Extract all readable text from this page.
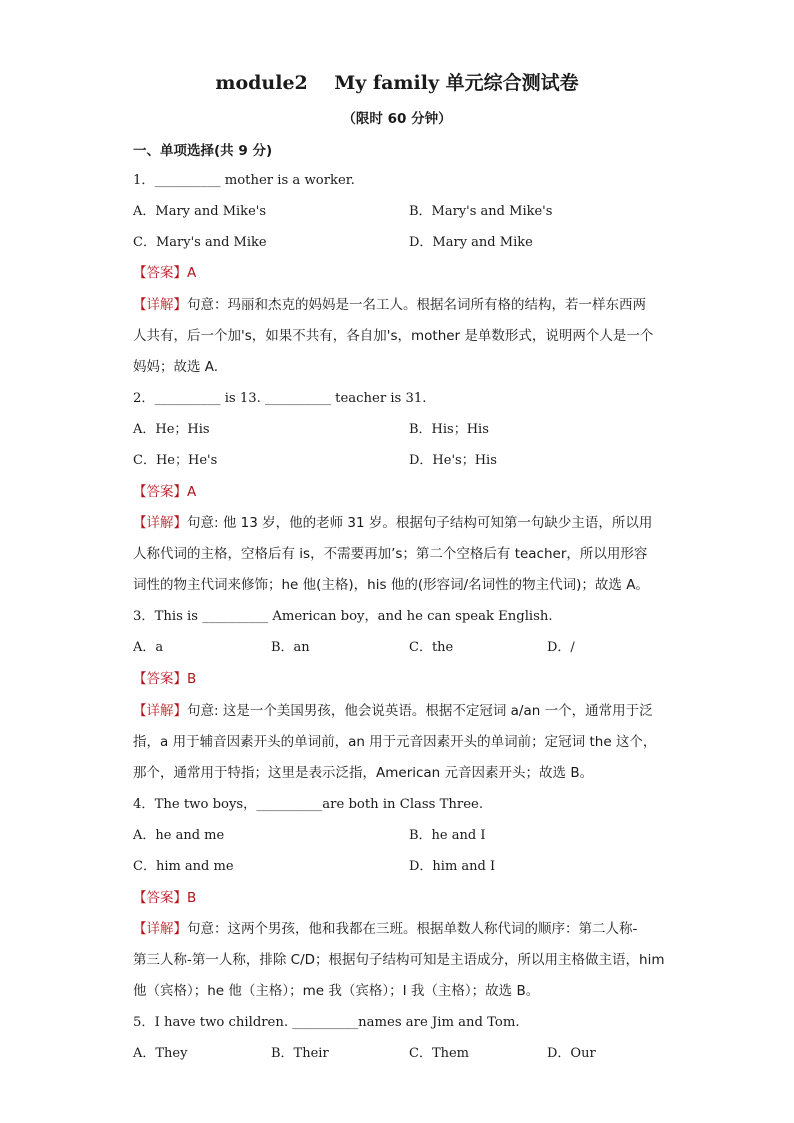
module2    My family 单元综合测试卷
（限时 60 分钟）
一、单项选择(共 9 分)
1．__________ mother is a worker.
A．Mary and Mike's	B．Mary's and Mike's
C．Mary's and Mike	D．Mary and Mike
【答案】A
【详解】句意：玛丽和杰克的妈妈是一名工人。根据名词所有格的结构，若一样东西两
人共有，后一个加's，如果不共有，各自加's，mother 是单数形式，说明两个人是一个
妈妈；故选 A.
2．__________ is 13. __________ teacher is 31.
A．He；His	B．His；His
C．He；He's	D．He's；His
【答案】A
【详解】句意: 他 13 岁，他的老师 31 岁。根据句子结构可知第一句缺少主语，所以用
人称代词的主格，空格后有 is，不需要再加’s；第二个空格后有 teacher，所以用形容
词性的物主代词来修饰；he 他(主格)，his 他的(形容词/名词性的物主代词)；故选 A。
3．This is __________ American boy，and he can speak English.
A．a	B．an	C．the	D．/
【答案】B
【详解】句意: 这是一个美国男孩，他会说英语。根据不定冠词 a/an 一个，通常用于泛
指，a 用于辅音因素开头的单词前，an 用于元音因素开头的单词前；定冠词 the 这个，
那个，通常用于特指；这里是表示泛指，American 元音因素开头；故选 B。
4．The two boys，__________are both in Class Three.
A．he and me	B．he and I
C．him and me	D．him and I
【答案】B
【详解】句意：这两个男孩，他和我都在三班。根据单数人称代词的顺序：第二人称-
第三人称-第一人称，排除 C/D；根据句子结构可知是主语成分，所以用主格做主语，him
他（宾格）；he 他（主格）；me 我（宾格）；I 我（主格）；故选 B。
5．I have two children. __________names are Jim and Tom.
A．They	B．Their	C．Them	D．Our
